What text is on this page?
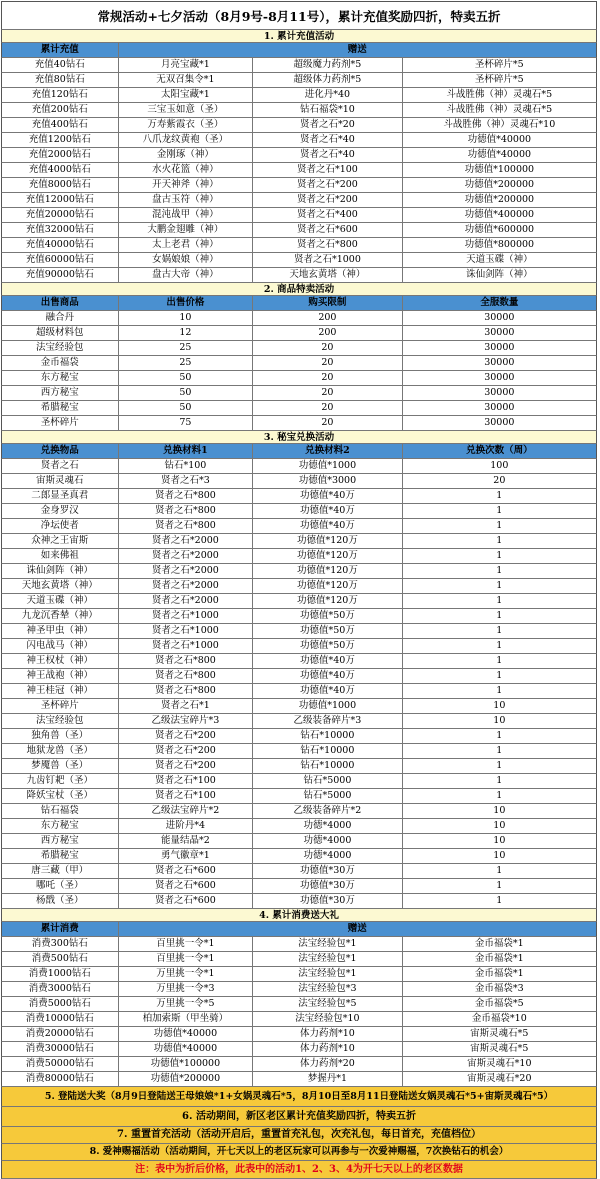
常规活动+七夕活动（8月9号-8月11号），累计充值奖励四折，特卖五折
1. 累计充值活动
累计充值	赠送
充值40钻石	月亮宝藏*1	超级魔力药剂*5	圣杯碎片*5
充值80钻石	无双召集令*1	超级体力药剂*5	圣杯碎片*5
充值120钻石	太阳宝藏*1	进化丹*40	斗战胜佛（神）灵魂石*5
充值200钻石	三宝玉如意（圣）	钻石福袋*10	斗战胜佛（神）灵魂石*5
充值400钻石	万寿紫霞衣（圣）	贤者之石*20	斗战胜佛（神）灵魂石*10
充值1200钻石	八爪龙纹黄袍（圣）	贤者之石*40	功德值*40000
充值2000钻石	金刚琢（神）	贤者之石*40	功德值*40000
充值4000钻石	水火花篮（神）	贤者之石*100	功德值*100000
充值8000钻石	开天神斧（神）	贤者之石*200	功德值*200000
充值12000钻石	盘古玉符（神）	贤者之石*200	功德值*200000
充值20000钻石	混沌战甲（神）	贤者之石*400	功德值*400000
充值32000钻石	大鹏金翅雕（神）	贤者之石*600	功德值*600000
充值40000钻石	太上老君（神）	贤者之石*800	功德值*800000
充值60000钻石	女娲娘娘（神）	贤者之石*1000	天道玉碟（神）
充值90000钻石	盘古大帝（神）	天地玄黄塔（神）	诛仙剑阵（神）
2. 商品特卖活动
出售商品	出售价格	购买限制	全服数量
融合丹	10	200	30000
超级材料包	12	200	30000
法宝经验包	25	20	30000
金币福袋	25	20	30000
东方秘宝	50	20	30000
西方秘宝	50	20	30000
希腊秘宝	50	20	30000
圣杯碎片	75	20	30000
3. 秘宝兑换活动
兑换物品	兑换材料1	兑换材料2	兑换次数（周）
贤者之石	钻石*100	功德值*1000	100
宙斯灵魂石	贤者之石*3	功德值*3000	20
二郎显圣真君	贤者之石*800	功德值*40万	1
金身罗汉	贤者之石*800	功德值*40万	1
净坛使者	贤者之石*800	功德值*40万	1
众神之王宙斯	贤者之石*2000	功德值*120万	1
如来佛祖	贤者之石*2000	功德值*120万	1
诛仙剑阵（神）	贤者之石*2000	功德值*120万	1
天地玄黄塔（神）	贤者之石*2000	功德值*120万	1
天道玉碟（神）	贤者之石*2000	功德值*120万	1
九龙沉香辇（神）	贤者之石*1000	功德值*50万	1
神圣甲虫（神）	贤者之石*1000	功德值*50万	1
闪电战马（神）	贤者之石*1000	功德值*50万	1
神王权杖（神）	贤者之石*800	功德值*40万	1
神王战袍（神）	贤者之石*800	功德值*40万	1
神王桂冠（神）	贤者之石*800	功德值*40万	1
圣杯碎片	贤者之石*1	功德值*1000	10
法宝经验包	乙级法宝碎片*3	乙级装备碎片*3	10
独角兽（圣）	贤者之石*200	钻石*10000	1
地狱龙兽（圣）	贤者之石*200	钻石*10000	1
梦魇兽（圣）	贤者之石*200	钻石*10000	1
九齿钉耙（圣）	贤者之石*100	钻石*5000	1
降妖宝杖（圣）	贤者之石*100	钻石*5000	1
钻石福袋	乙级法宝碎片*2	乙级装备碎片*2	10
东方秘宝	进阶丹*4	功德*4000	10
西方秘宝	能量结晶*2	功德*4000	10
希腊秘宝	勇气徽章*1	功德*4000	10
唐三藏（甲）	贤者之石*600	功德值*30万	1
哪吒（圣）	贤者之石*600	功德值*30万	1
杨戬（圣）	贤者之石*600	功德值*30万	1
4. 累计消费送大礼
累计消费	赠送
消费300钻石	百里挑一令*1	法宝经验包*1	金币福袋*1
消费500钻石	百里挑一令*1	法宝经验包*1	金币福袋*1
消费1000钻石	万里挑一令*1	法宝经验包*1	金币福袋*1
消费3000钻石	万里挑一令*3	法宝经验包*3	金币福袋*3
消费5000钻石	万里挑一令*5	法宝经验包*5	金币福袋*5
消费10000钻石	柏加索斯（甲坐骑）	法宝经验包*10	金币福袋*10
消费20000钻石	功德值*40000	体力药剂*10	宙斯灵魂石*5
消费30000钻石	功德值*40000	体力药剂*10	宙斯灵魂石*5
消费50000钻石	功德值*100000	体力药剂*20	宙斯灵魂石*10
消费80000钻石	功德值*200000	梦握丹*1	宙斯灵魂石*20
5. 登陆送大奖（8月9日登陆送王母娘娘*1+女娲灵魂石*5，8月10日至8月11日登陆送女娲灵魂石*5+宙斯灵魂石*5）
6. 活动期间，新区老区累计充值奖励四折，特卖五折
7. 重置首充活动（活动开启后，重置首充礼包，次充礼包，每日首充，充值档位）
8. 爱神赐福活动（活动期间，开七天以上的老区玩家可以再参与一次爱神赐福，7次换钻石的机会）
注：表中为折后价格，此表中的活动1、2、3、4为开七天以上的老区数据
